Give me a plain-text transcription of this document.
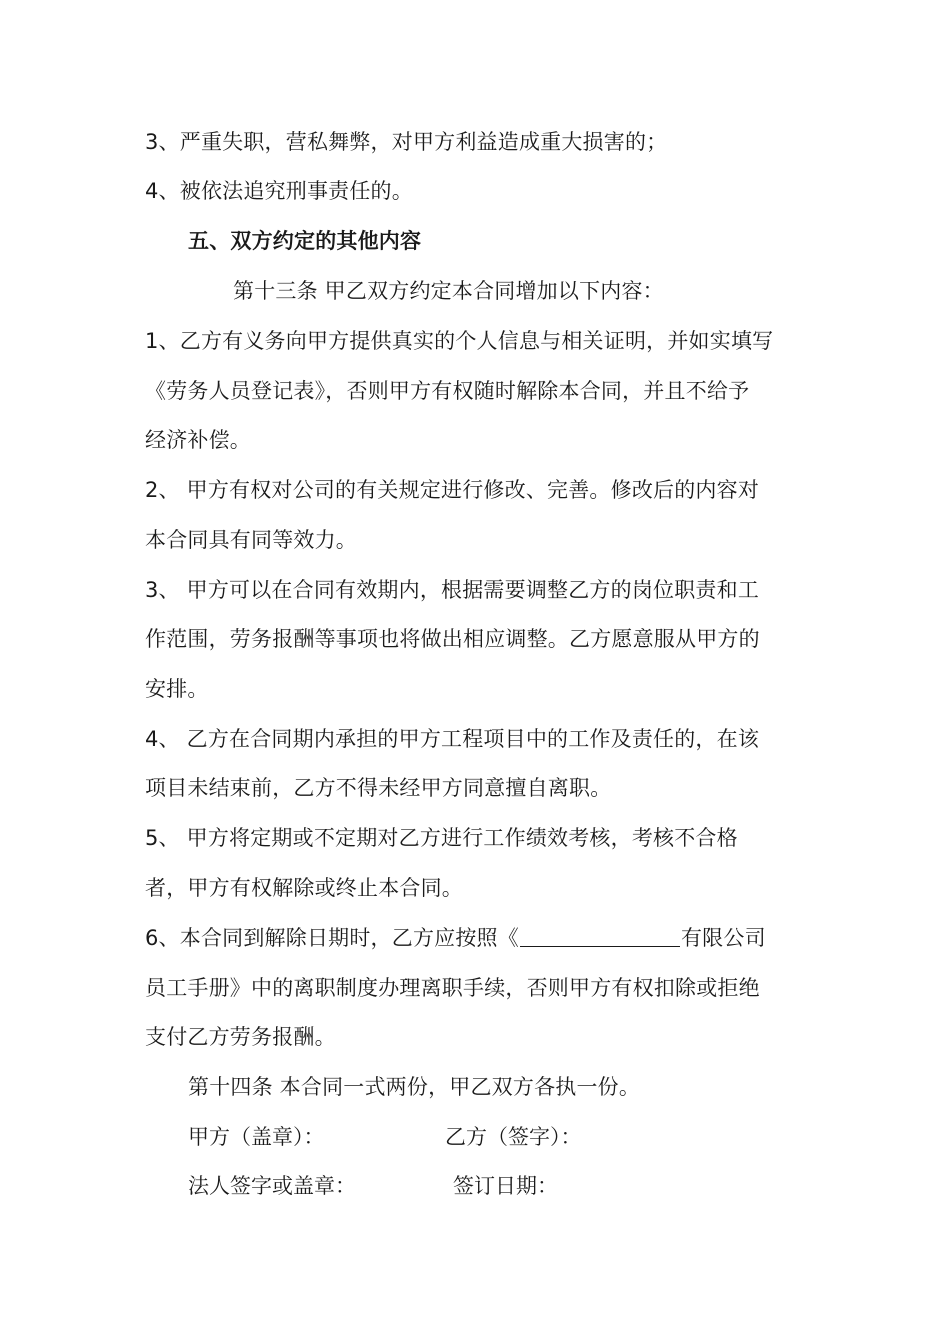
3、严重失职，营私舞弊，对甲方利益造成重大损害的；
4、被依法追究刑事责任的。
五、双方约定的其他内容
第十三条 甲乙双方约定本合同增加以下内容：
1、乙方有义务向甲方提供真实的个人信息与相关证明，并如实填写
《劳务人员登记表》，否则甲方有权随时解除本合同，并且不给予
经济补偿。
2、 甲方有权对公司的有关规定进行修改、完善。修改后的内容对
本合同具有同等效力。
3、 甲方可以在合同有效期内，根据需要调整乙方的岗位职责和工
作范围，劳务报酬等事项也将做出相应调整。乙方愿意服从甲方的
安排。
4、 乙方在合同期内承担的甲方工程项目中的工作及责任的，在该
项目未结束前，乙方不得未经甲方同意擅自离职。
5、 甲方将定期或不定期对乙方进行工作绩效考核，考核不合格
者，甲方有权解除或终止本合同。
6、本合同到解除日期时，乙方应按照《	有限公司
员工手册》中的离职制度办理离职手续，否则甲方有权扣除或拒绝
支付乙方劳务报酬。
第十四条 本合同一式两份，甲乙双方各执一份。
甲方（盖章）：	乙方（签字）：
法人签字或盖章：	签订日期：
